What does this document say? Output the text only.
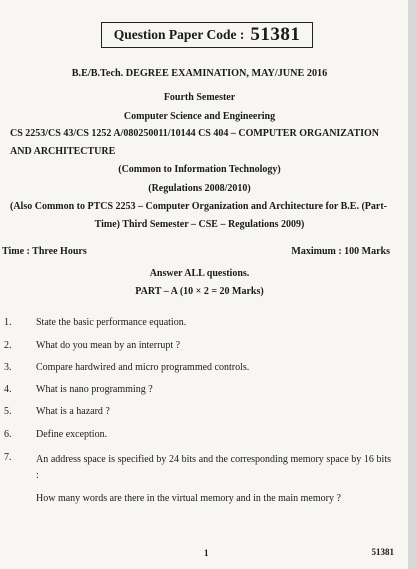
Question Paper Code : 51381
B.E/B.Tech. DEGREE EXAMINATION, MAY/JUNE 2016
Fourth Semester
Computer Science and Engineering
CS 2253/CS 43/CS 1252 A/080250011/10144 CS 404 – COMPUTER ORGANIZATION
AND ARCHITECTURE
(Common to Information Technology)
(Regulations 2008/2010)
(Also Common to PTCS 2253 – Computer Organization and Architecture for B.E. (Part-
Time) Third Semester – CSE – Regulations 2009)
Time : Three Hours	Maximum : 100 Marks
Answer ALL questions.
PART – A (10 × 2 = 20 Marks)
1.	State the basic performance equation.
2.	What do you mean by an interrupt ?
3.	Compare hardwired and micro programmed controls.
4.	What is nano programming ?
5.	What is a hazard ?
6.	Define exception.
7.	An address space is specified by 24 bits and the corresponding memory space by 16 bits :
How many words are there in the virtual memory and in the main memory ?
1	51381
